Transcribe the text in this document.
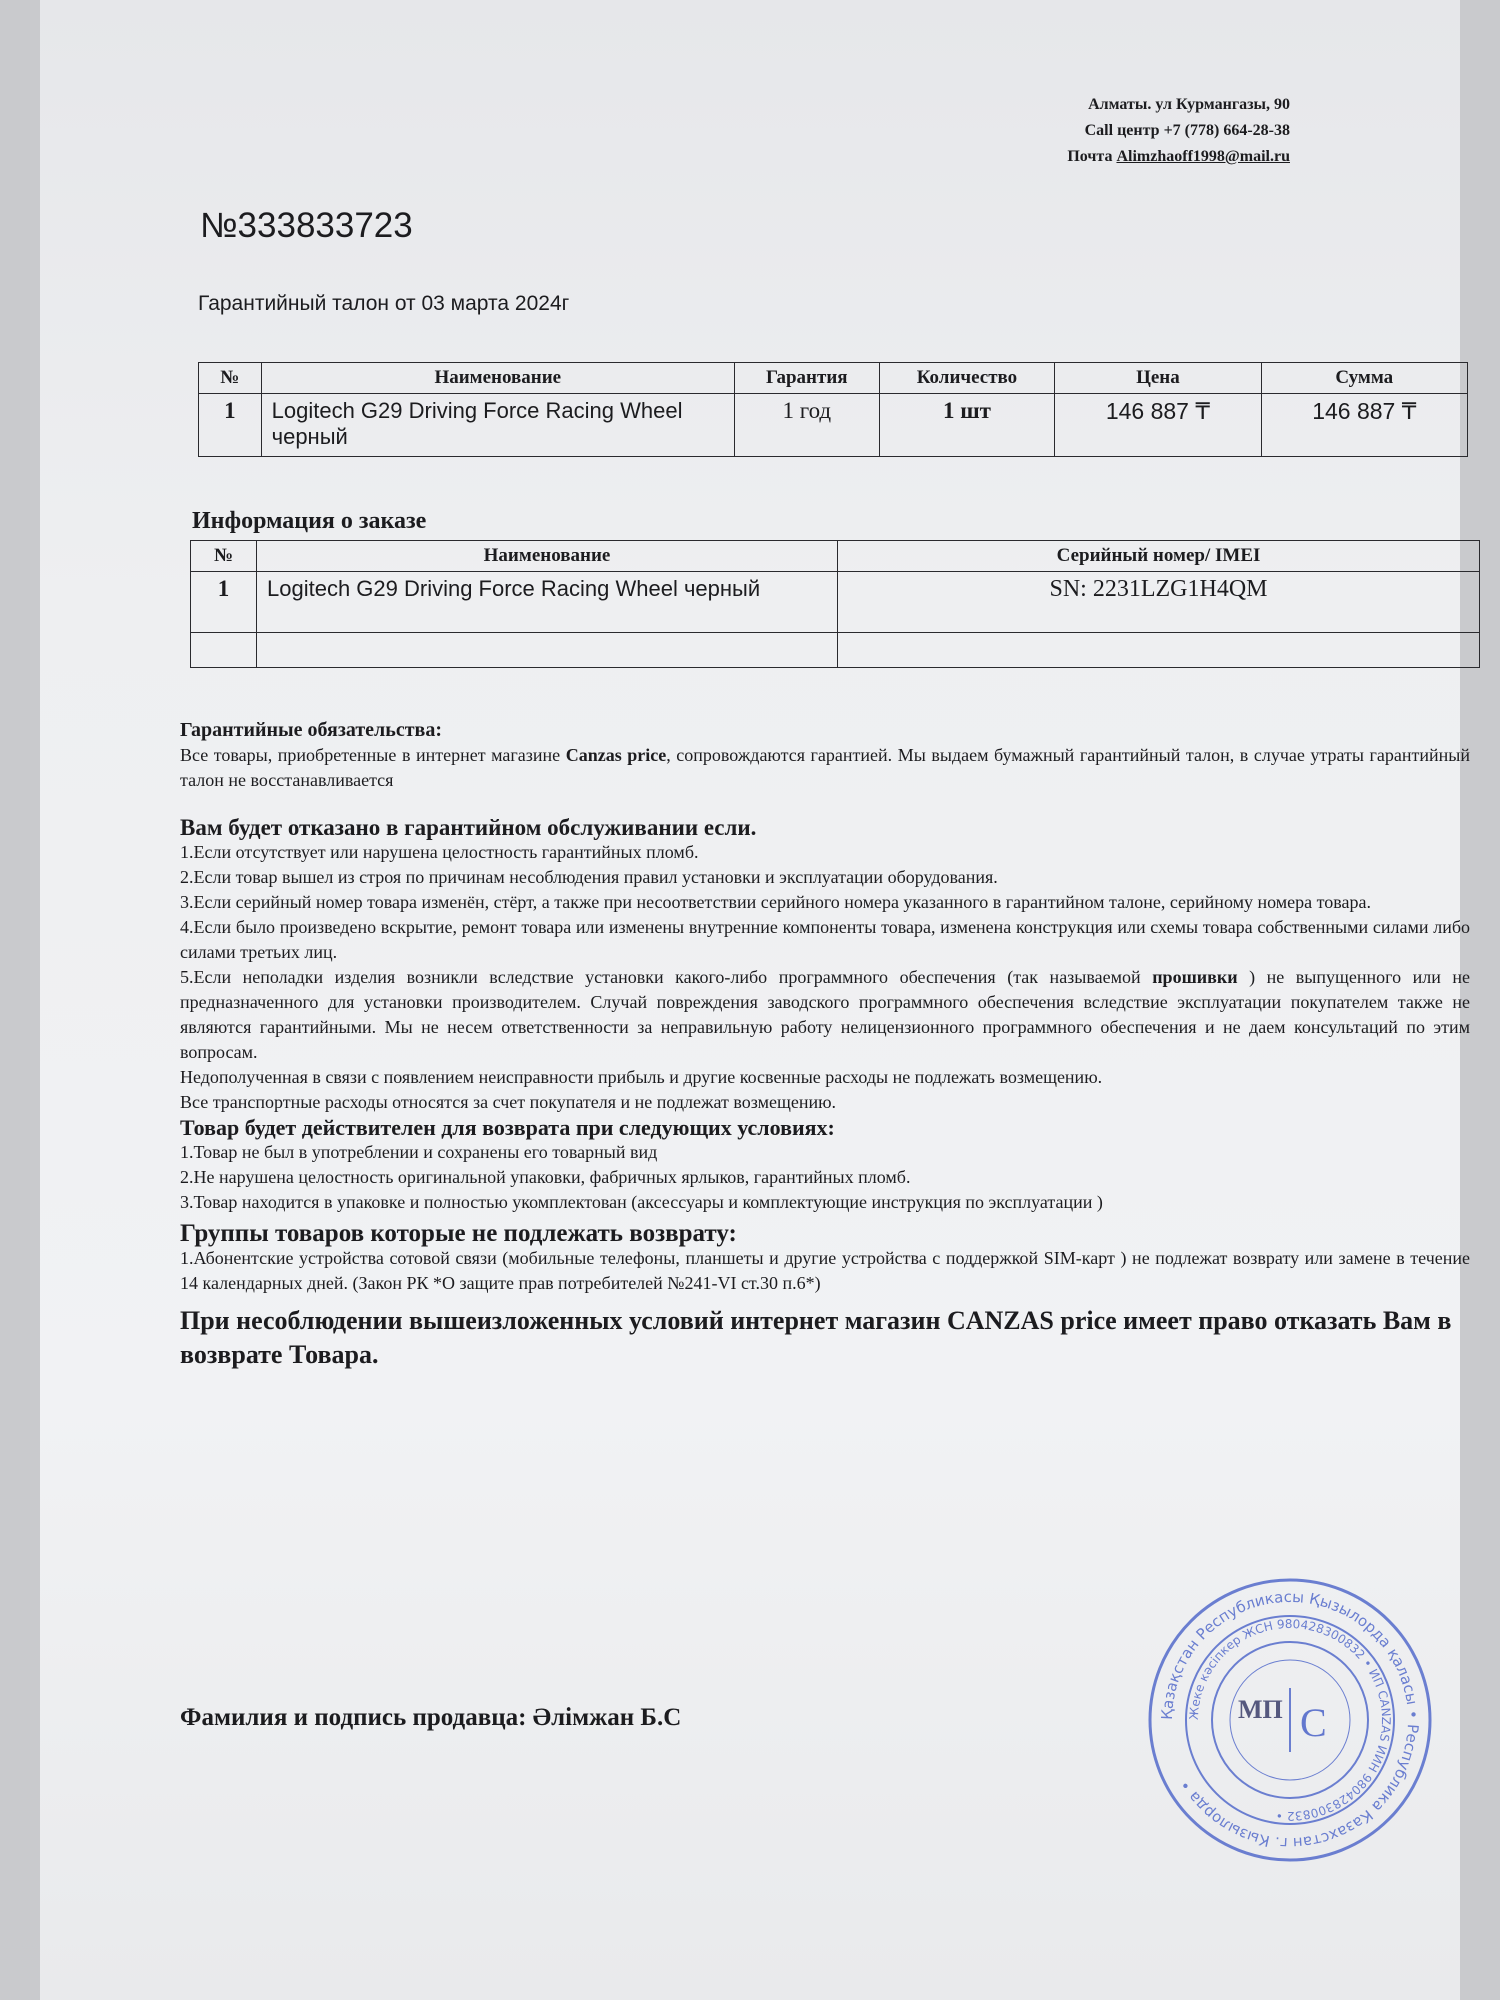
Алматы. ул Курмангазы, 90
Call центр +7 (778) 664-28-38
Почта Alimzhaoff1998@mail.ru
№333833723
Гарантийный талон от 03 марта 2024г
№	Наименование	Гарантия	Количество	Цена	Сумма
1	Logitech G29 Driving Force Racing Wheel черный	1 год	1 шт	146 887 ₸	146 887 ₸
Информация о заказе
№	Наименование	Серийный номер/ IMEI
1	Logitech G29 Driving Force Racing Wheel черный	SN: 2231LZG1H4QM

Гарантийные обязательства:

Все товары, приобретенные в интернет магазине Canzas price, сопровождаются гарантией. Мы выдаем бумажный гарантийный талон, в случае утраты гарантийный талон не восстанавливается

Вам будет отказано в гарантийном обслуживании если.

1.Если отсутствует или нарушена целостность гарантийных пломб.

2.Если товар вышел из строя по причинам несоблюдения правил установки и эксплуатации оборудования.

3.Если серийный номер товара изменён, стёрт, а также при несоответствии серийного номера указанного в гарантийном талоне, серийному номера товара.

4.Если было произведено вскрытие, ремонт товара или изменены внутренние компоненты товара, изменена конструкция или схемы товара собственными силами либо силами третьих лиц.

5.Если неполадки изделия возникли вследствие установки какого-либо программного обеспечения (так называемой прошивки ) не выпущенного или не предназначенного для установки производителем. Случай повреждения заводского программного обеспечения вследствие эксплуатации покупателем также не являются гарантийными. Мы не несем ответственности за неправильную работу нелицензионного программного обеспечения и не даем консультаций по этим вопросам.

Недополученная в связи с появлением неисправности прибыль и другие косвенные расходы не подлежать возмещению.

Все транспортные расходы относятся за счет покупателя и не подлежат возмещению.

Товар будет действителен для возврата при следующих условиях:

1.Товар не был в употреблении и сохранены его товарный вид

2.Не нарушена целостность оригинальной упаковки, фабричных ярлыков, гарантийных пломб.

3.Товар находится в упаковке и полностью укомплектован (аксессуары и комплектующие инструкция по эксплуатации )

Группы товаров которые не подлежать возврату:

1.Абонентские устройства сотовой связи (мобильные телефоны, планшеты и другие устройства с поддержкой SIM-карт ) не подлежат возврату или замене в течение 14 календарных дней. (Закон РК *О защите прав потребителей №241-VI ст.30 п.6*)

При несоблюдении вышеизложенных условий интернет магазин CANZAS price имеет право отказать Вам в возврате Товара.
Фамилия и подпись продавца: Әлімжан Б.С	Қазақстан Республикасы Қызылорда қаласы • Республика Казахстан г. Кызылорда •
Жеке кәсіпкер ЖСН 980428300832 • ИП CANZAS ИИН 980428300832 •
МП С
